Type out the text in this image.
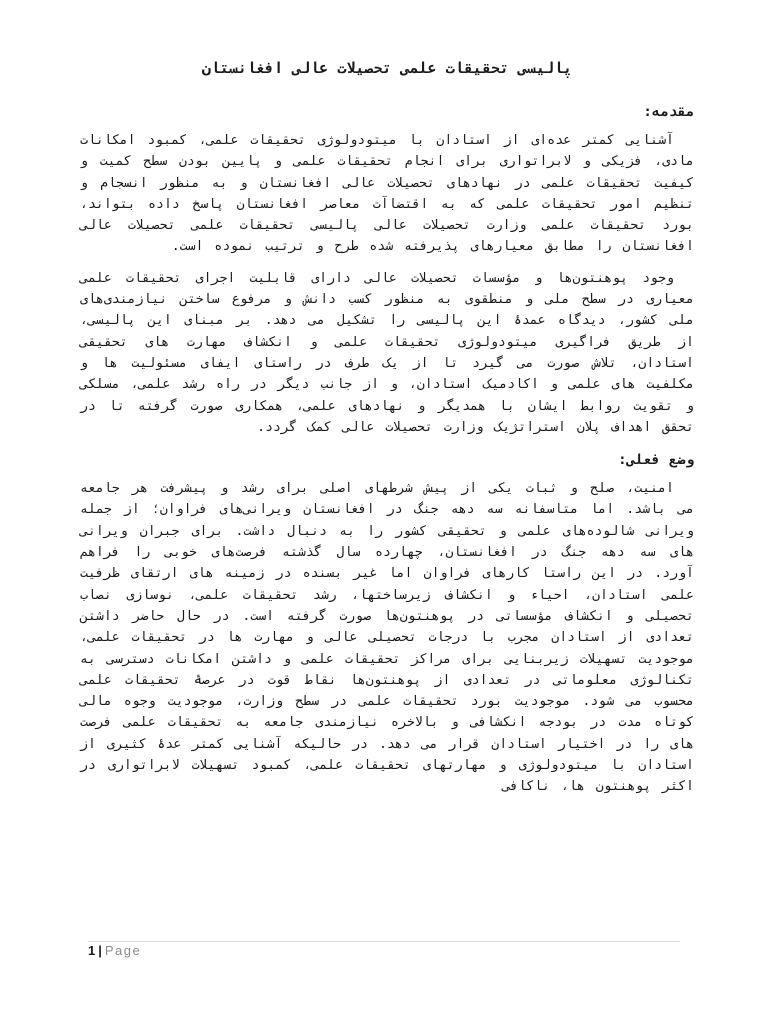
پالیسی تحقیقات علمی تحصیلات عالی افغانستان
مقدمه:

آشنایی کمتر عده‌ای از استادان با میتودولوژی تحقیقات علمی، کمبود امکانات مادی، فزیکی و لابراتواری برای انجام تحقیقات علمی و پایین بودن سطح کمیت و کیفیت تحقیقات علمی در نهادهای تحصیلات عالی افغانستان و به منظور انسجام و تنظیم امور تحقیقات علمی که به اقتضاآت معاصر افغانستان پاسخ داده بتواند، بورد تحقیقات علمی وزارت تحصیلات عالی پالیسی تحقیقات علمی تحصیلات عالی افغانستان را مطابق معیارهای پذیرفته شده طرح و ترتیب نموده است.

وجود پوهنتون‌ها و مؤسسات تحصیلات عالی دارای قابلیت اجرای تحقیقات علمی معیاری در سطح ملی و منطقوی به منظور کسب دانش و مرفوع ساختن نیازمندی‌های ملی کشور، دیدگاه عمدۀ این پالیسی را تشکیل می دهد. بر مبنای این پالیسی، از طریق فراگیری میتودولوژی تحقیقات علمی و انکشاف مهارت های تحقیقی استادان، تلاش صورت می گیرد تا از یک طرف در راستای ایفای مسئولیت ها و مکلفیت های علمی و اکادمیک استادان، و از جانب دیگر در راه رشد علمی، مسلکی و تقویت روابط ایشان با همدیگر و نهادهای علمی، همکاری صورت گرفته تا در تحقق اهداف پلان استراتژیک وزارت تحصیلات عالی کمک گردد.

وضع فعلی:

امنیت، صلح و ثبات یکی از پیش شرطهای اصلی برای رشد و پیشرفت هر جامعه می باشد. اما متاسفانه سه دهه جنگ در افغانستان ویرانی‌های فراوان؛ از جمله ویرانی شالوده‌های علمی و تحقیقی کشور را به دنبال داشت. برای جبران ویرانی های سه دهه جنگ در افغانستان، چهارده سال گذشته فرصت‌های خوبی را فراهم آورد. در این راستا کارهای فراوان اما غیر بسنده در زمینه های ارتقای ظرفیت علمی استادان، احیاء و انکشاف زیرساختها، رشد تحقیقات علمی، نوسازی نصاب تحصیلی و انکشاف مؤسساتی در پوهنتون‌ها صورت گرفته است. در حال حاضر داشتن تعدادی از استادان مجرب با درجات تحصیلی عالی و مهارت ها در تحقیقات علمی، موجودیت تسهیلات زیربنایی برای مراکز تحقیقات علمی و داشتن امکانات دسترسی به تکنالوژی معلوماتی در تعدادی از پوهنتون‌ها نقاط قوت در عرصۀ تحقیقات علمی محسوب می شود. موجودیت بورد تحقیقات علمی در سطح وزارت، موجودیت وجوه مالی کوتاه مدت در بودجه انکشافی و بالاخره نیازمندی جامعه به تحقیقات علمی فرصت های را در اختیار استادان قرار می دهد. در حالیکه آشنایی کمتر عدۀ کثیری از استادان با میتودولوژی و مهارتهای تحقیقات علمی، کمبود تسهیلات لابراتواری در اکثر پوهنتون ها، ناکافی

1 | Page
